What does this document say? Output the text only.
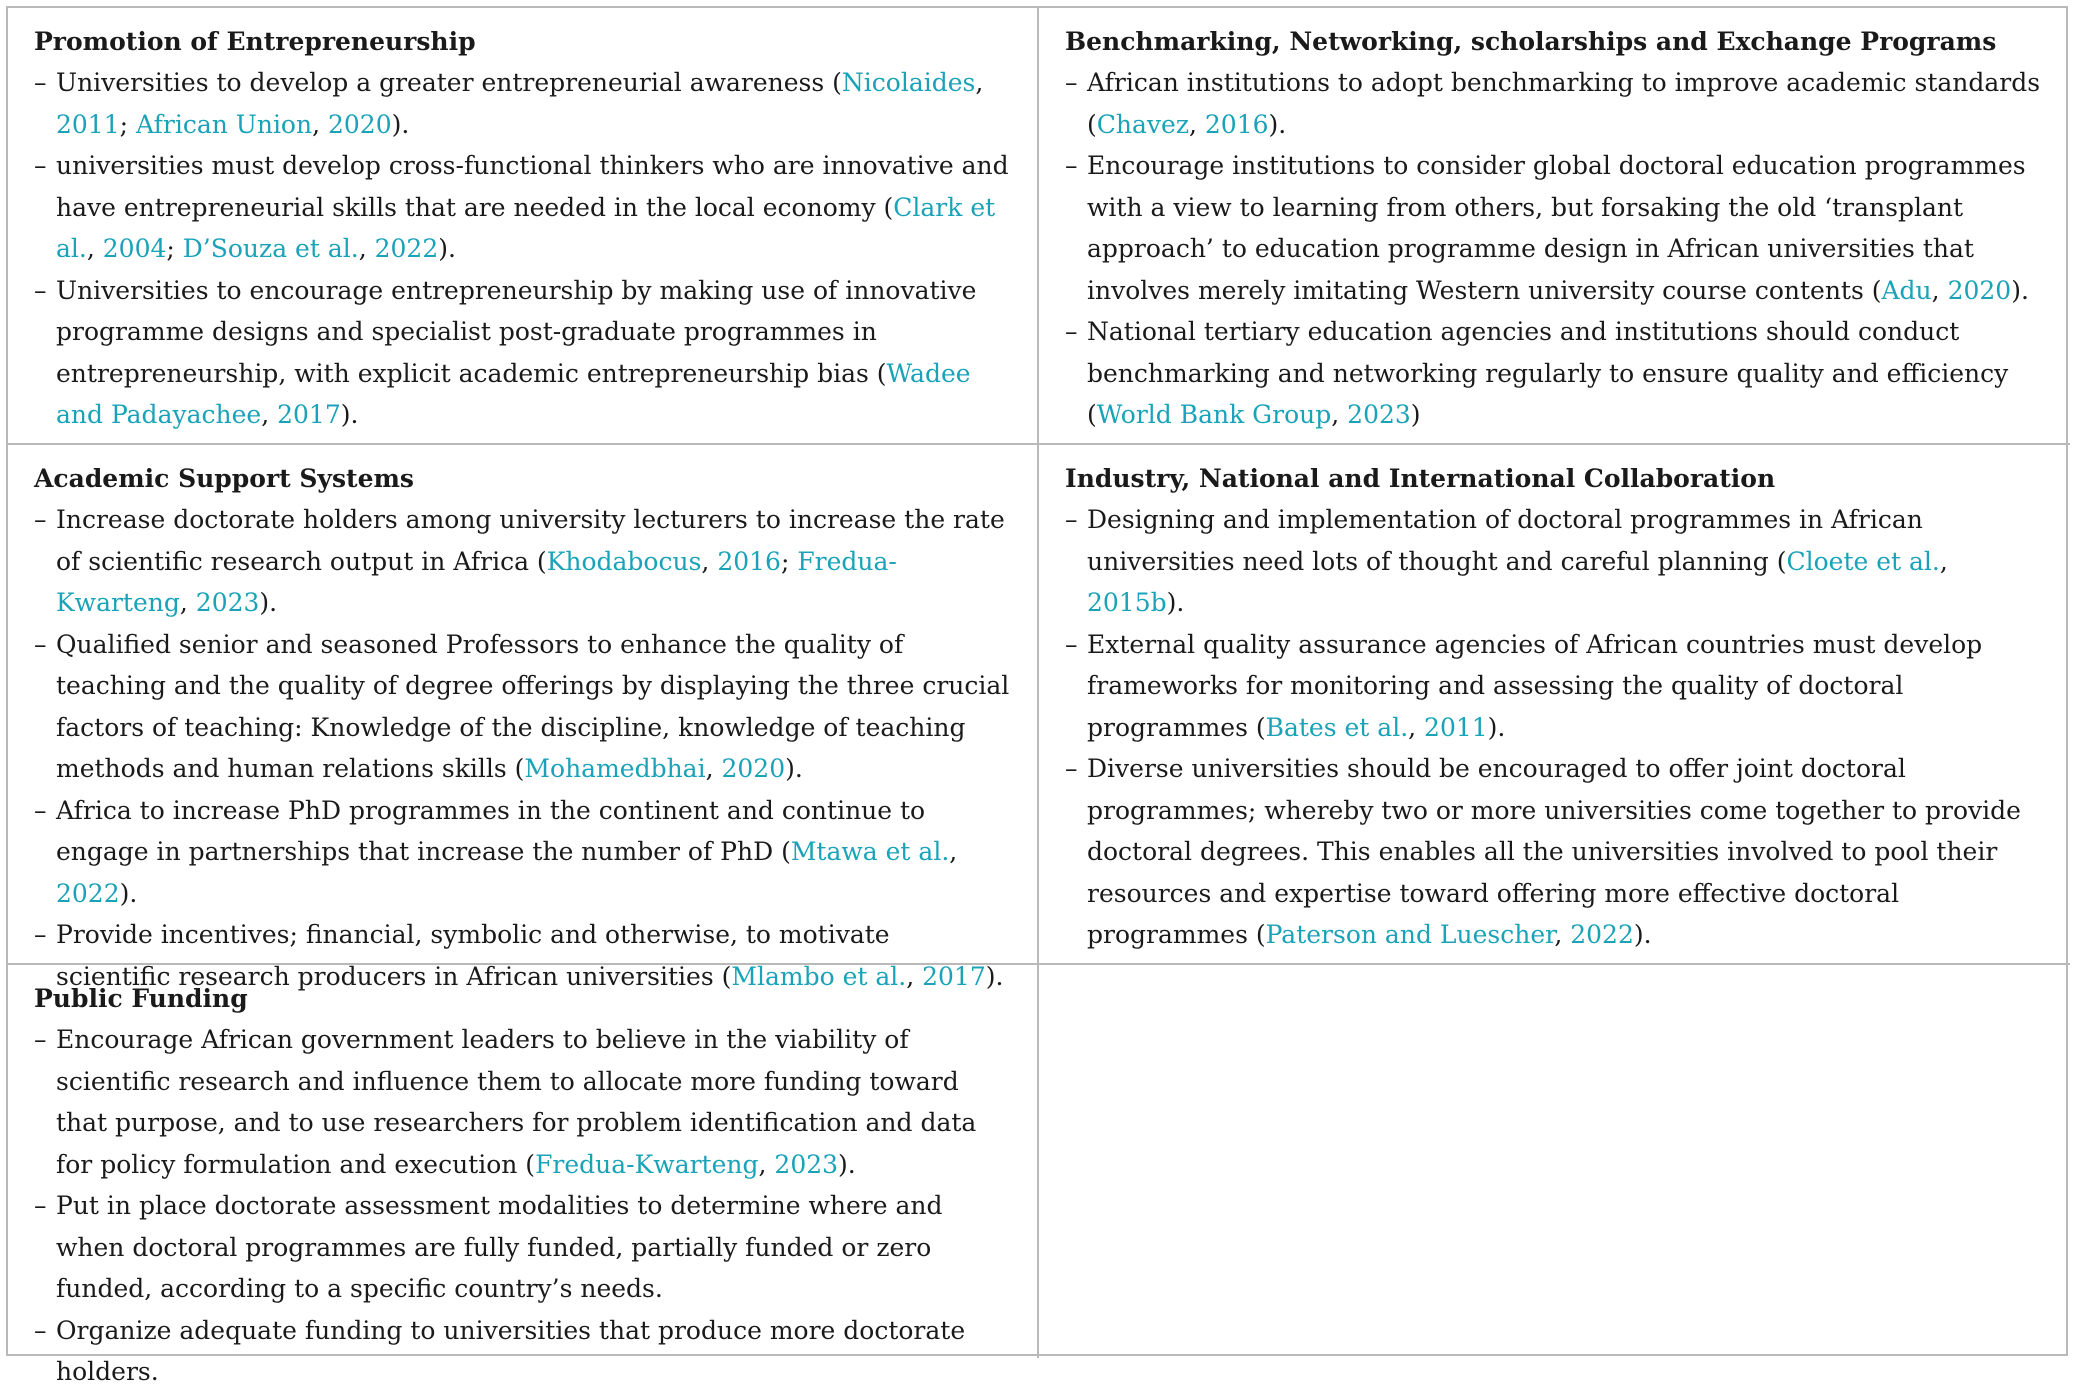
Promotion of Entrepreneurship
–Universities to develop a greater entrepreneurial awareness (Nicolaides, 2011; African Union, 2020).
–universities must develop cross-functional thinkers who are innovative and have entrepreneurial skills that are needed in the local economy (Clark et al., 2004; D’Souza et al., 2022).
–Universities to encourage entrepreneurship by making use of innovative programme designs and specialist post-graduate programmes in entrepreneurship, with explicit academic entrepreneurship bias (Wadee and Padayachee, 2017).
Benchmarking, Networking, scholarships and Exchange Programs
–African institutions to adopt benchmarking to improve academic standards (Chavez, 2016).
–Encourage institutions to consider global doctoral education programmes with a view to learning from others, but forsaking the old ‘transplant approach’ to education programme design in African universities that involves merely imitating Western university course contents (Adu, 2020).
–National tertiary education agencies and institutions should conduct benchmarking and networking regularly to ensure quality and efficiency (World Bank Group, 2023)
Academic Support Systems
–Increase doctorate holders among university lecturers to increase the rate of scientific research output in Africa (Khodabocus, 2016; Fredua-Kwarteng, 2023).
–Qualified senior and seasoned Professors to enhance the quality of teaching and the quality of degree offerings by displaying the three crucial factors of teaching: Knowledge of the discipline, knowledge of teaching methods and human relations skills (Mohamedbhai, 2020).
–Africa to increase PhD programmes in the continent and continue to engage in partnerships that increase the number of PhD (Mtawa et al., 2022).
–Provide incentives; financial, symbolic and otherwise, to motivate scientific research producers in African universities (Mlambo et al., 2017).
Industry, National and International Collaboration
–Designing and implementation of doctoral programmes in African universities need lots of thought and careful planning (Cloete et al., 2015b).
–External quality assurance agencies of African countries must develop frameworks for monitoring and assessing the quality of doctoral programmes (Bates et al., 2011).
–Diverse universities should be encouraged to offer joint doctoral programmes; whereby two or more universities come together to provide doctoral degrees. This enables all the universities involved to pool their resources and expertise toward offering more effective doctoral programmes (Paterson and Luescher, 2022).
Public Funding
–Encourage African government leaders to believe in the viability of scientific research and influence them to allocate more funding toward that purpose, and to use researchers for problem identification and data for policy formulation and execution (Fredua-Kwarteng, 2023).
–Put in place doctorate assessment modalities to determine where and when doctoral programmes are fully funded, partially funded or zero funded, according to a specific country’s needs.
–Organize adequate funding to universities that produce more doctorate holders.
